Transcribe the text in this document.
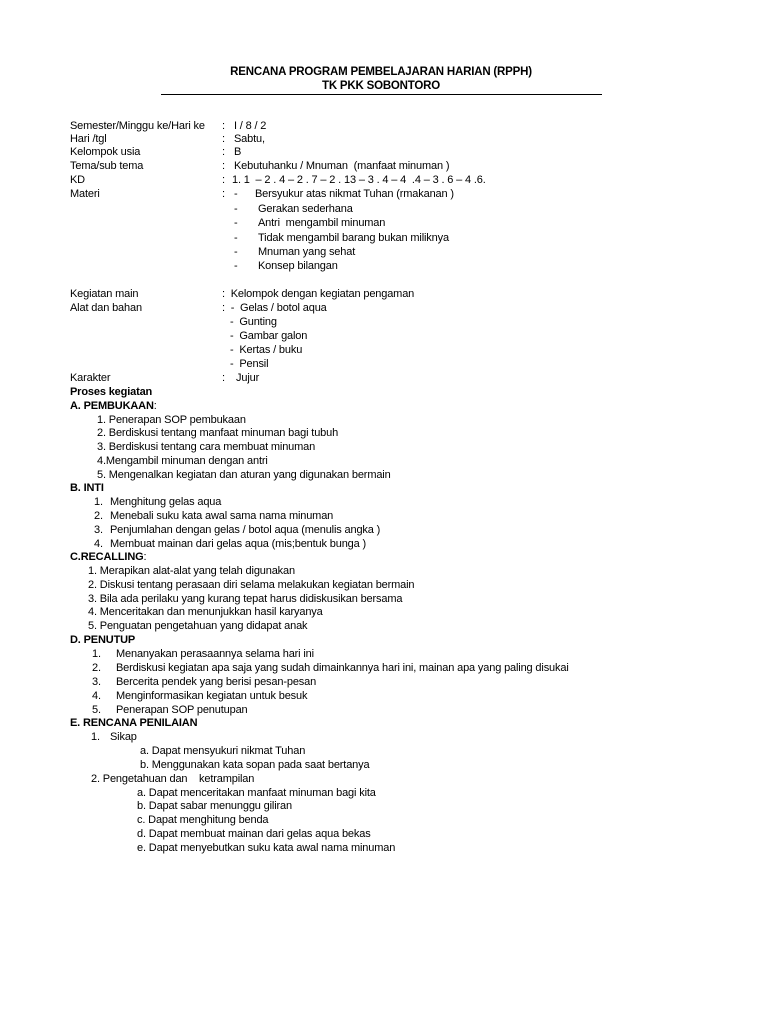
RENCANA PROGRAM PEMBELAJARAN HARIAN (RPPH)
TK PKK SOBONTORO
Semester/Minggu ke/Hari ke : I / 8 / 2
Hari /tgl	: Sabtu,
Kelompok usia	: B
Tema/sub tema	: Kebutuhanku / Mnuman  (manfaat minuman )
KD	: 1. 1  – 2 . 4 – 2 . 7 – 2 . 13 – 3 . 4 – 4  .4 – 3 . 6 – 4 .6.
Materi	: -      Bersyukur atas nikmat Tuhan (rmakanan )
- Gerakan sederhana
- Antri  mengambil minuman
- Tidak mengambil barang bukan miliknya
- Mnuman yang sehat
- Konsep bilangan
Kegiatan main	:  Kelompok dengan kegiatan pengaman
Alat dan bahan	:  -  Gelas / botol aqua
-  Gunting
-  Gambar galon
-  Kertas / buku
-  Pensil
Karakter	: Jujur
Proses kegiatan
A. PEMBUKAAN:
1. Penerapan SOP pembukaan
2. Berdiskusi tentang manfaat minuman bagi tubuh
3. Berdiskusi tentang cara membuat minuman
4.Mengambil minuman dengan antri
5. Mengenalkan kegiatan dan aturan yang digunakan bermain
B. INTI
1. Menghitung gelas aqua
2. Menebali suku kata awal sama nama minuman
3. Penjumlahan dengan gelas / botol aqua (menulis angka )
4. Membuat mainan dari gelas aqua (mis;bentuk bunga )
C.RECALLING:
1. Merapikan alat-alat yang telah digunakan
2. Diskusi tentang perasaan diri selama melakukan kegiatan bermain
3. Bila ada perilaku yang kurang tepat harus didiskusikan bersama
4. Menceritakan dan menunjukkan hasil karyanya
5. Penguatan pengetahuan yang didapat anak
D. PENUTUP
1. Menanyakan perasaannya selama hari ini
2. Berdiskusi kegiatan apa saja yang sudah dimainkannya hari ini, mainan apa yang paling disukai
3. Bercerita pendek yang berisi pesan-pesan
4. Menginformasikan kegiatan untuk besuk
5. Penerapan SOP penutupan
E. RENCANA PENILAIAN
1. Sikap
a. Dapat mensyukuri nikmat Tuhan
b. Menggunakan kata sopan pada saat bertanya
2. Pengetahuan dan    ketrampilan
a. Dapat menceritakan manfaat minuman bagi kita
b. Dapat sabar menunggu giliran
c. Dapat menghitung benda
d. Dapat membuat mainan dari gelas aqua bekas
e. Dapat menyebutkan suku kata awal nama minuman
